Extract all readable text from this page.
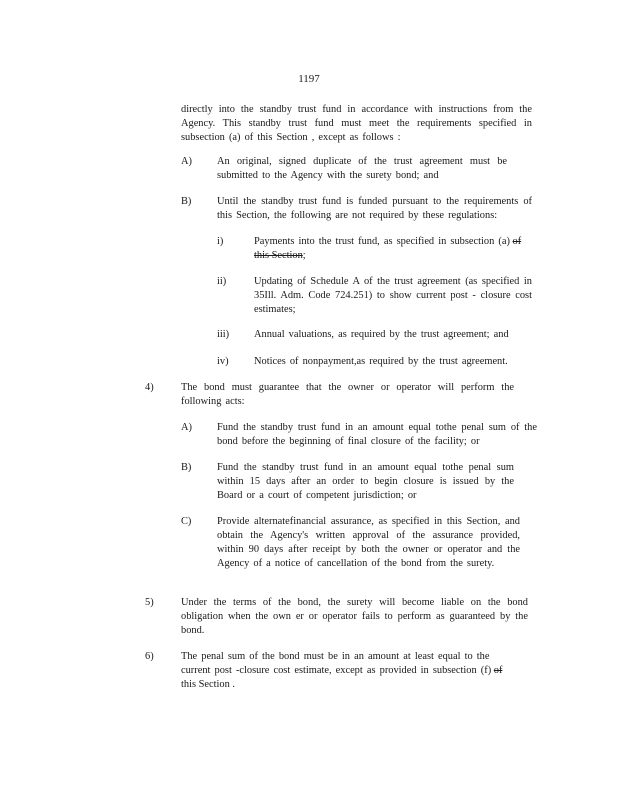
1197
directly into the standby trust fund in accordance with instructions from the Agency. This standby trust fund must meet the requirements specified in subsection (a) of this Section , except as follows :
A) An original, signed duplicate of the trust agreement must be submitted to the Agency with the surety bond; and
B) Until the standby trust fund is funded pursuant to the requirements of this Section, the following are not required by these regulations:
i)	Payments into the trust fund, as specified in subsection (a) of this Section;
ii)	Updating of Schedule A of the trust agreement (as specified in 35Ill. Adm. Code 724.251) to show current post - closure cost estimates;
iii) Annual valuations, as required by the trust agreement; and
iv) Notices of nonpayment,as required by the trust agreement.
4)	The bond must guarantee that the owner or operator will perform the following acts:
A) Fund the standby trust fund in an amount equal tothe penal sum of the bond before the beginning of final closure of the facility; or
B) Fund the standby trust fund in an amount equal tothe penal sum within 15 days after an order to begin closure is issued by the Board or a court of competent jurisdiction; or
C) Provide alternatefinancial assurance, as specified in this Section, and obtain the Agency's written approval of the assurance provided, within 90 days after receipt by both the owner or operator and the Agency of a notice of cancellation of the bond from the surety.
5)	Under the terms of the bond, the surety will become liable on the bond obligation when the own er or operator fails to perform as guaranteed by the bond.
6)	The penal sum of the bond must be in an amount at least equal to the current post -closure cost estimate, except as provided in subsection (f) of this Section .
